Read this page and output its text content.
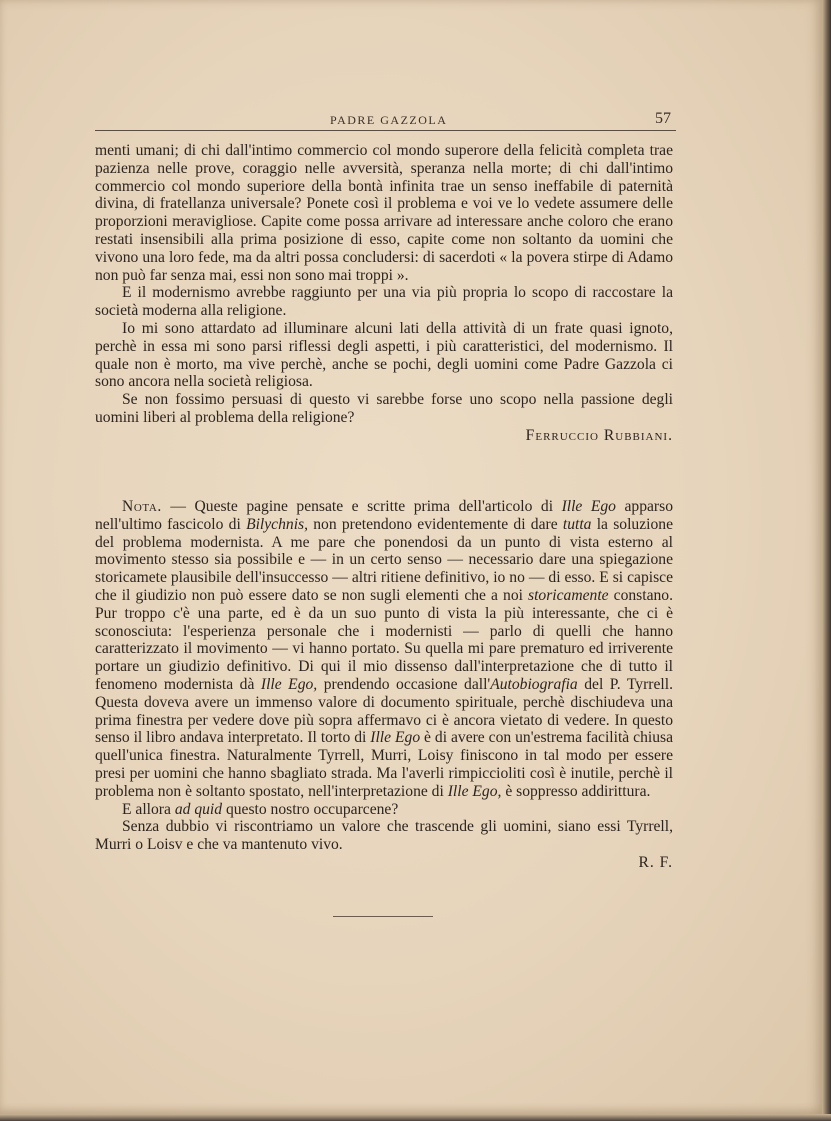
PADRE GAZZOLA	57

menti umani; di chi dall'intimo commercio col mondo superore della felicità completa trae pazienza nelle prove, coraggio nelle avversità, speranza nella morte; di chi dall'intimo commercio col mondo superiore della bontà infinita trae un senso ineffabile di paternità divina, di fratellanza universale? Ponete così il problema e voi ve lo vedete assumere delle proporzioni meravigliose. Capite come possa arrivare ad interessare anche coloro che erano restati insensibili alla prima posizione di esso, capite come non soltanto da uomini che vivono una loro fede, ma da altri possa concludersi: di sacerdoti « la povera stirpe di Adamo non può far senza mai, essi non sono mai troppi ».

E il modernismo avrebbe raggiunto per una via più propria lo scopo di raccostare la società moderna alla religione.

Io mi sono attardato ad illuminare alcuni lati della attività di un frate quasi ignoto, perchè in essa mi sono parsi riflessi degli aspetti, i più caratteristici, del modernismo. Il quale non è morto, ma vive perchè, anche se pochi, degli uomini come Padre Gazzola ci sono ancora nella società religiosa.

Se non fossimo persuasi di questo vi sarebbe forse uno scopo nella passione degli uomini liberi al problema della religione?

Ferruccio Rubbiani.

Nota. — Queste pagine pensate e scritte prima dell'articolo di Ille Ego apparso nell'ultimo fascicolo di Bilychnis, non pretendono evidentemente di dare tutta la soluzione del problema modernista. A me pare che ponendosi da un punto di vista esterno al movimento stesso sia possibile e — in un certo senso — necessario dare una spiegazione storicamete plausibile dell'insuccesso — altri ritiene definitivo, io no — di esso. E si capisce che il giudizio non può essere dato se non sugli elementi che a noi storicamente constano. Pur troppo c'è una parte, ed è da un suo punto di vista la più interessante, che ci è sconosciuta: l'esperienza personale che i modernisti — parlo di quelli che hanno caratterizzato il movimento — vi hanno portato. Su quella mi pare prematuro ed irriverente portare un giudizio definitivo. Di qui il mio dissenso dall'interpretazione che di tutto il fenomeno modernista dà Ille Ego, prendendo occasione dall'Autobiografia del P. Tyrrell. Questa doveva avere un immenso valore di documento spirituale, perchè dischiudeva una prima finestra per vedere dove più sopra affermavo ci è ancora vietato di vedere. In questo senso il libro andava interpretato. Il torto di Ille Ego è di avere con un'estrema facilità chiusa quell'unica finestra. Naturalmente Tyrrell, Murri, Loisy finiscono in tal modo per essere presi per uomini che hanno sbagliato strada. Ma l'averli rimpiccioliti così è inutile, perchè il problema non è soltanto spostato, nell'interpretazione di Ille Ego, è soppresso addirittura.

E allora ad quid questo nostro occuparcene?

Senza dubbio vi riscontriamo un valore che trascende gli uomini, siano essi Tyrrell, Murri o Loisv e che va mantenuto vivo.

R. F.
